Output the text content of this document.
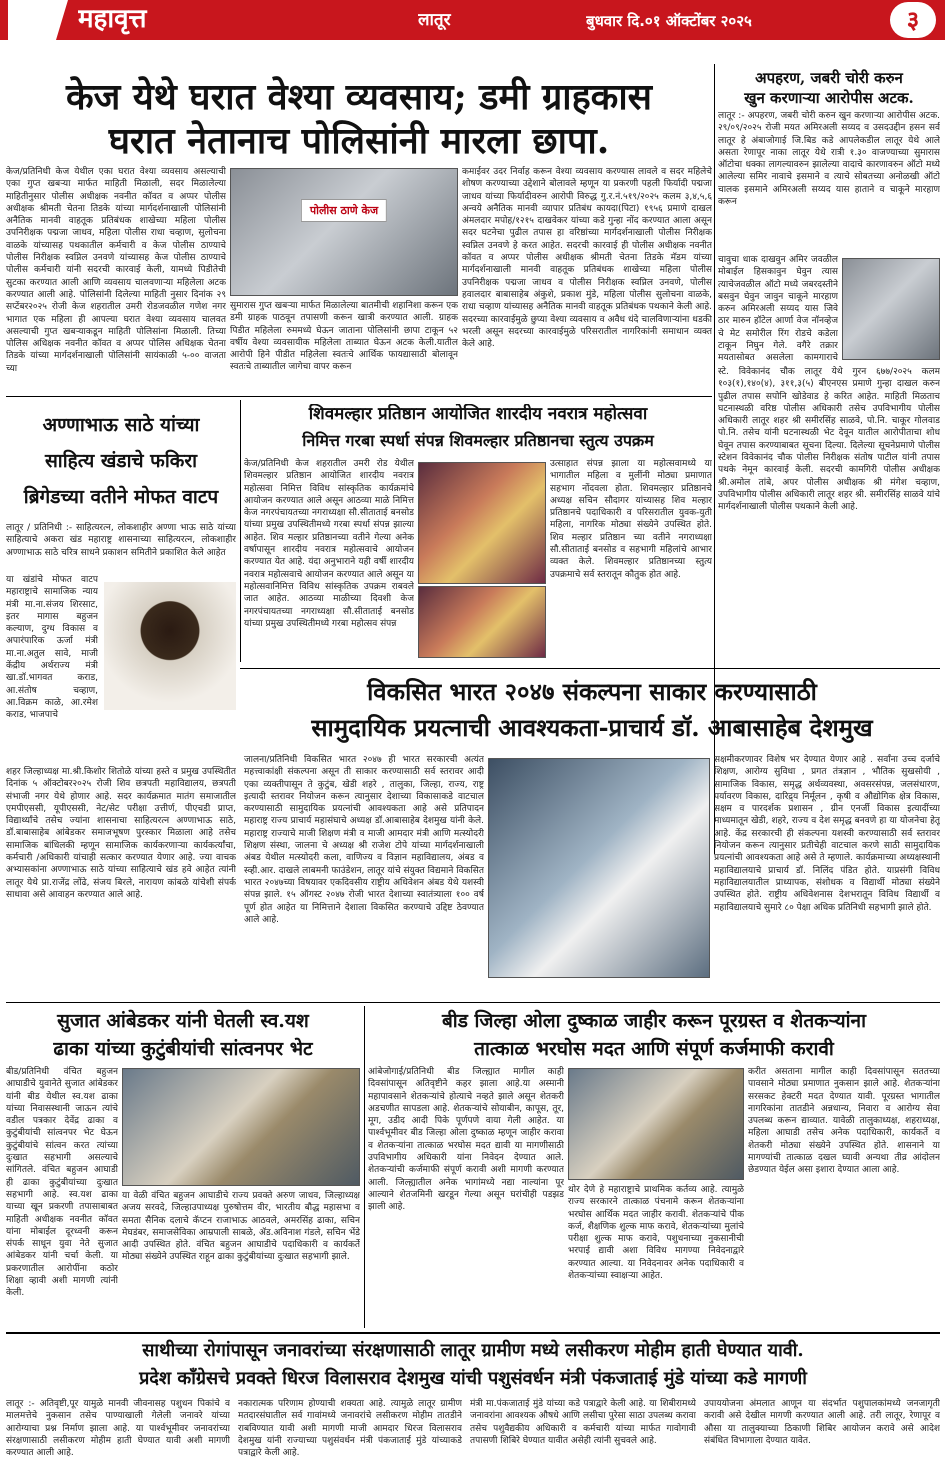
महावृत्त	लातूर	बुधवार दि.०१ ऑक्टोंबर २०२५	३
केज येथे घरात वेश्या व्यवसाय; डमी ग्राहकास
घरात नेतानाच पोलिसांनी मारला छापा.

केज/प्रतिनिधी केज येथील एका घरात वेश्या व्यवसाय असल्याची एका गुप्त खबऱ्या मार्फत माहिती मिळाली, सदर मिळालेल्या माहितीनुसार पोलीस अधीक्षक नवनीत कॉवत व अप्पर पोलीस अधीक्षक श्रीमती चेतना तिडके यांच्या मार्गदर्शनाखाली पोलिसांनी अनैतिक मानवी वाहतूक प्रतिबंधक शाखेच्या महिला पोलीस उपनिरीक्षक पद्मजा जाधव, महिला पोलीस राधा चव्हाण, सुलोचना वाळके यांच्यासह पथकातील कर्मचारी व केज पोलीस ठाण्याचे पोलीस निरीक्षक स्वप्निल उनवणे यांच्यासह केज पोलीस ठाण्याचे पोलीस कर्मचारी यांनी सदरची कारवाई केली, यामध्ये पिडीतेची सुटका करण्यात आली आणि व्यवसाय चालवणाऱ्या महिलेला अटक करण्यात आली आहे. पोलिसांनी दिलेल्या माहिती नुसार दिनांक २९ सप्टेंबर२०२५ रोजी केज शहरातील उमरी रोडजवळील गणेश नगर भागात एक महिला ही आपल्या घरात वेश्या व्यवसाय चालवत असल्याची गुप्त खबऱ्याकडून माहिती पोलिसांना मिळाली. तिच्या पोलिस अधिक्षक नवनीत कॉवत व अप्पर पोलिस अधिक्षक चेतना तिडके यांच्या मार्गदर्शनाखाली पोलिसांनी सायंकाळी ५-०० वाजता च्या

पोलीस ठाणे केज

सुमारास गुप्त खबऱ्या मार्फत मिळालेल्या बातमीची शहानिशा करून एक डमी ग्राहक पाठवून तपासणी करून खात्री करण्यात आली. ग्राहक पिडीत महिलेला रुममध्ये घेऊन जाताना पोलिसांनी छापा टाकून ५२ वर्षीय वेश्या व्यवसायीक महिलेला ताब्यात घेऊन अटक केली.यातील आरोपी हिने पीडीत महिलेला स्वतःचे आर्थिक फायद्यासाठी बोलावून स्वतःचे ताब्यातील जागेचा वापर करून

कमाईवर उदर निर्वाह करून वेश्या व्यवसाय करण्यास लावले व सदर महिलेचे शोषण करण्याच्या उद्देशाने बोलावले म्हणून या प्रकरणी पहली फिर्यादी पद्मजा जाधव यांच्या फिर्यादीवरुन आरोपी विरुद्ध गु.र.नं.५१९/२०२५ कलम ३,४,५,६ अन्वये अनैतिक मानवी व्यापार प्रतिबंध कायदा(पिटा) १९५६ प्रमाणे दाखल अंमलदार मपोह/१२१५ दाखवेकर यांच्या कडे गुन्हा नोंद करण्यात आला असून सदर घटनेचा पुढील तपास हा वरिष्ठांच्या मार्गदर्शनाखाली पोलीस निरीक्षक स्वप्निल उनवणे हे करत आहेत. सदरची कारवाई ही पोलीस अधीक्षक नवनीत कॉवत व अप्पर पोलीस अधीक्षक श्रीमती चेतना तिडके मॅडम यांच्या मार्गदर्शनाखाली मानवी वाहतूक प्रतिबंधक शाखेच्या महिला पोलीस उपनिरीक्षक पद्मजा जाधव व पोलीस निरीक्षक स्वप्निल उनवणे, पोलीस हवालदार बाबासाहेब अंकुशे, प्रकाश मुंडे, महिला पोलीस सुलोचना वाळके, राधा चव्हाण यांच्यासह अनैतिक मानवी वाहतूक प्रतिबंधक पथकाने केली आहे. सदरच्या कारवाईमुळे छुप्या वेश्या व्यवसाय व अवैध धंदे चालविणाऱ्यांना धडकी भरली असून सदरच्या कारवाईमुळे परिसरातील नागरिकांनी समाधान व्यक्त केले आहे.

अपहरण, जबरी चोरी करुन
खुन करणाऱ्या आरोपीस अटक.

लातूर :- अपहरण, जबरी चोरी करुन खुन करणाऱ्या आरोपीस अटक. २९/०९/२०२५ रोजी मयत अमिरअली सय्यद व उसदउद्दीन हसन सर्व लातूर हे अंबाजोगाई जि.बिड कडे आपलेकडील लातूर येथे आले असता रेणापूर नाका लातूर येथे रात्री १.३० वाजण्याच्या सुमारास ऑटोचा धक्का लागल्यावरुन झालेल्या वादाचे कारणावरुन ऑटो मध्ये आलेल्या समिर नावाचे इसमाने व त्याचे सोबतच्या अनोळखी ऑटो चालक इसमाने अमिरअली सय्यद यास हाताने व चाकूने मारहाण करून

चावुचा धाक दाखवुन अमिर जवळील मोबाईल हिसकावुन घेवुन त्यास त्याचेजवळील ऑटो मध्ये जबरदस्तीने बसवुन घेवुन जावुन चाकूने मारहाण करुन अमिरअली सय्यद यास जिवे ठार मारुन हॉटेल आर्णा वेज नॉनव्हेज चे मेट समोरील रिंग रोडचे कडेला टाकून निघुन गेले. वगैरे तक्रार मयतासोबत असलेला कामगाराचे

स्टे. विवेकानंद चौक लातूर येथे गुरन ६७७/२०२५ कलम १०३(१),१४०(४), ३११,३(५) बीएनएस प्रमाणे गुन्हा दाखल करुन पुढील तपास सपोनि खोडेवाड हे करित आहेत. माहिती मिळताच घटनास्थळी वरिष्ठ पोलीस अधिकारी तसेच उपविभागीय पोलीस अधिकारी लातूर शहर श्री समीरसिंह साळवे, पो.नि. चाकूर गोलवाड पो.नि. तसेच यांनी घटनास्थळी भेट देवून यातील आरोपीताचा शोध घेवून तपास करण्याबाबत सूचना दिल्या. दिलेल्या सूचनेप्रमाणे पोलीस स्टेशन विवेकानंद चौक पोलीस निरीक्षक संतोष पाटील यांनी तपास पथके नेमून कारवाई केली. सदरची कामगिरी पोलीस अधीक्षक श्री.अमोल तांबे, अपर पोलीस अधीक्षक श्री मंगेश चव्हाण, उपविभागीय पोलीस अधिकारी लातूर शहर श्री. समीरसिंह साळवे यांचे मार्गदर्शनाखाली पोलीस पथकाने केली आहे.

अण्णाभाऊ साठे यांच्या
साहित्य खंडाचे फकिरा
ब्रिगेडच्या वतीने मोफत वाटप

लातूर / प्रतिनिधी :- साहित्यरत्न, लोकशाहीर अण्णा भाऊ साठे यांच्या साहित्याचे अकरा खंड महाराष्ट्र शासनाच्या साहित्यरत्न, लोकशाहीर अण्णाभाऊ साठे चरित्र साधने प्रकाशन समितीने प्रकाशित केले आहेत

या खंडांचे मोफत वाटप महाराष्ट्राचे सामाजिक न्याय मंत्री मा.ना.संजय शिरसाट, इतर मागास बहुजन कल्याण, दुग्ध विकास व अपारंपारिक ऊर्जा मंत्री मा.ना.अतुल सावे, माजी केंद्रीय अर्थराज्य मंत्री खा.डॉ.भागवत कराड, आ.संतोष चव्हाण, आ.विक्रम काळे, आ.रमेश कराड, भाजपाचे

शहर जिल्हाध्यक्ष मा.श्री.किशोर शितोळे यांच्या हस्ते व प्रमुख उपस्थितीत दिनांक ५ ऑक्टोबर२०२५ रोजी शिव छत्रपती महाविद्यालय, छत्रपती संभाजी नगर येथे होणार आहे. सदर कार्यक्रमात मातंग समाजातील एमपीएससी, यूपीएससी, नेट/सेट परीक्षा उत्तीर्ण, पीएचडी प्राप्त, विद्यार्थ्यांचे तसेच ज्यांना शासनाचा साहित्यरत्न अण्णाभाऊ साठे, डॉ.बाबासाहेब आंबेडकर समाजभूषण पुरस्कार मिळाला आहे तसेच सामाजिक बांधिलकी म्हणून सामाजिक कार्यकरणाऱ्या कार्यकर्त्यांचा, कर्मचारी /अधिकारी यांचाही सत्कार करण्यात येणार आहे. ज्या वाचक अभ्यासकांना अण्णाभाऊ साठे यांच्या साहित्याचे खंड हवे आहेत त्यांनी लातूर येथे प्रा.राजेंद्र लोंढे, संजय बिरले, नारायण कांबळे यांचेशी संपर्क साधावा असे आवाहन करण्यात आले आहे.

शिवमल्हार प्रतिष्ठान आयोजित शारदीय नवरात्र महोत्सवा
निमित्त गरबा स्पर्धा संपन्न शिवमल्हार प्रतिष्ठानचा स्तुत्य उपक्रम

केज/प्रतिनिधी केज शहरातील उमरी रोड येथील शिवमल्हार प्रतिष्ठान आयोजित शारदीय नवरात्र महोत्सवा निमित्त विविध सांस्कृतिक कार्यक्रमांचे आयोजन करण्यात आले असून आठव्या माळे निमित्त केज नगरपंचायतच्या नगराध्यक्षा सौ.सीताताई बनसोड यांच्या प्रमुख उपस्थितीमध्ये गरबा स्पर्धा संपन्न झाल्या आहेत. शिव मल्हार प्रतिष्ठानच्या वतीने गेल्या अनेक वर्षापासून शारदीय नवरात्र महोत्सवाचे आयोजन करण्यात येत आहे. यंदा अनुभाराने यही वर्षी शारदीय नवरात्र महोत्सवाचे आयोजन करण्यात आले असून या महोत्सवानिमित्त विविध सांस्कृतिक उपक्रम राबवले जात आहेत. आठव्या माळीच्या दिवशी केज नगरपंचायतच्या नगराध्यक्षा सौ.सीताताई बनसोड यांच्या प्रमुख उपस्थितीमध्ये गरबा महोत्सव संपन्न

उत्साहात संपन्न झाला या महोत्सवामध्ये या भागातील महिला व मुलींनी मोठ्या प्रमाणात सहभाग नोंदवला होता. शिवमल्हार प्रतिष्ठानचे अध्यक्ष सचिन सौदागर यांच्यासह शिव मल्हार प्रतिष्ठानचे पदाधिकारी व परिसरातील युवक-युती महिला, नागरिक मोठ्या संख्येने उपस्थित होते. शिव मल्हार प्रतिष्ठान च्या वतीने नगराध्यक्षा सौ.सीताताई बनसोड व सहभागी महिलांचे आभार व्यक्त केले. शिवमल्हार प्रतिष्ठानच्या स्तुत्य उपक्रमाचे सर्व स्तरातून कौतुक होत आहे.

विकसित भारत २०४७ संकल्पना साकार करण्यासाठी
सामुदायिक प्रयत्नाची आवश्यकता-प्राचार्य डॉ. आबासाहेब देशमुख

जालना/प्रतिनिधी विकसित भारत २०४७ ही भारत सरकारची अत्यंत महत्त्वाकांक्षी संकल्पना असून ती साकार करण्यासाठी सर्व स्तरावर आदी एका व्यक्तीपासून ते कुटुंब, खेडी शहरे , तालुका, जिल्हा, राज्य, राष्ट्र इत्यादी स्तरावर नियोजन करून त्यानुसार देशाच्या विकासाकडे वाटचाल करण्यासाठी सामुदायिक प्रयत्नांची आवश्यकता आहे असे प्रतिपादन महाराष्ट्र राज्य प्राचार्य महासंघाचे अध्यक्ष डॉ.आबासाहेब देशमुख यांनी केले. महाराष्ट्र राज्याचे माजी शिक्षण मंत्री व माजी आमदार मंत्री आणि मत्स्योदरी शिक्षण संस्था, जालना चे अध्यक्ष श्री राजेश टोपे यांच्या मार्गदर्शनाखाली अंबड येथील मत्स्योदरी कला, वाणिज्य व विज्ञान महाविद्यालय, अंबड व स्व्ही.आर. दाखले लाबमनी फाउंडेशन, लातूर यांचे संयुक्त विद्यमाने विकसित भारत २०४७च्या विषयावर एकदिवसीय राष्ट्रीय अधिवेशन अंबड येथे यशस्वी संपन्न झाले. १५ ऑगस्ट २०४७ रोजी भारत देशाच्या स्वातंत्र्याला १०० वर्ष पूर्ण होत आहेत या निमित्ताने देशाला विकसित करण्याचे उद्दिष्ट ठेवण्यात आले आहे.

सक्षमीकरणावर विशेष भर देण्यात येणार आहे . सर्वांना उच्च दर्जाचे शिक्षण, आरोग्य सुविधा , प्रगत तंत्रज्ञान , भौतिक सुखसोयी , सामाजिक विकास, समृद्ध अर्थव्यवस्था, अवसरसंपन्न, जलसंधारण, पर्यावरण विकास, दारिद्र्य निर्मूलन , कृषी व औद्योगिक क्षेत्र विकास, सक्षम व पारदर्शक प्रशासन , ग्रीन एनर्जी विकास इत्यादींच्या माध्यमातून खेडी, शहरे, राज्य व देश समृद्ध बनवणे हा या योजनेचा हेतू आहे. केंद्र सरकारची ही संकल्पना यशस्वी करण्यासाठी सर्व स्तरावर नियोजन करून त्यानुसार प्रतीचेही वाटचाल करणे साठी सामुदायिक प्रयत्नांची आवश्यकता आहे असे ते म्हणाले. कार्यक्रमाच्या अध्यक्षस्थानी महाविद्यालयाचे प्राचार्य डॉ. निलिंद पंडित होते. याप्रसंगी विविध महाविद्यालयातील प्राध्यापक, संशोधक व विद्यार्थी मोठ्या संख्येने उपस्थित होते. राष्ट्रीय अधिवेशनास देशभरातून विविध विद्यार्थी व महाविद्यालयाचे सुमारे ८० पेक्षा अधिक प्रतिनिधी सहभागी झाले होते.

सुजात आंबेडकर यांनी घेतली स्व.यश
ढाका यांच्या कुटुंबीयांची सांत्वनपर भेट

बीड/प्रतिनिधी वंचित बहुजन आघाडीचे युवानेते सुजात आंबेडकर यांनी बीड येथील स्व.यश ढाका यांच्या निवासस्थानी जाऊन त्यांचे वडील पत्रकार देवेंद्र ढाका व कुटुंबीयांची सांत्वनपर भेट घेऊन कुटुंबीयांचे सांत्वन करत त्यांच्या दुःखात सहभागी असल्याचे सांगितले. वंचित बहुजन आघाडी ही ढाका कुटुंबीयांच्या दुःखात सहभागी आहे. स्व.यश ढाका याच्या खून प्रकरणी तपासाबाबत माहिती अधीक्षक नवनीत कॉवत यांना मोबाईल दूरध्वनी करून संपर्क साधून युवा नेते सुजात आंबेडकर यांनी चर्चा केली. या प्रकरणातील आरोपींना कठोर शिक्षा व्हावी अशी मागणी त्यांनी केली.

या वेळी वंचित बहुजन आघाडीचे राज्य प्रवक्ते अरुण जाधव, जिल्हाध्यक्ष अजय सरवदे, जिल्हाउपाध्यक्ष पुरुषोत्तम वीर, भारतीय बौद्ध महासभा व समता सैनिक दलाचे कॅप्टन राजाभाऊ आठवले, अमरसिंह ढाका, सचिन मेघडंबर, समाजसेविका आम्रपाली साबळे, ॲड.अविनाश गंडले, सचिन भेंडे आदी उपस्थित होते. वंचित बहुजन आघाडीचे पदाधिकारी व कार्यकर्ते मोठ्या संख्येने उपस्थित राहून ढाका कुटुंबीयांच्या दुःखात सहभागी झाले.

बीड जिल्हा ओला दुष्काळ जाहीर करून पूरग्रस्त व शेतकऱ्यांना
तात्काळ भरघोस मदत आणि संपूर्ण कर्जमाफी करावी

आंबेजोगाई/प्रतिनिधी बीड जिल्ह्यात मागील काही दिवसांपासून अतिवृष्टीने कहर झाला आहे.या अस्मानी महापावसाने शेतकऱ्यांचे होत्याचे नव्हते झाले असून शेतकरी अडचणीत सापडला आहे. शेतकऱ्यांचे सोयाबीन, कापूस, तूर, मूग, उडीद आदी पिके पूर्णपणे वाया गेली आहेत. या पार्श्वभूमीवर बीड जिल्हा ओला दुष्काळ म्हणून जाहीर करावा व शेतकऱ्यांना तात्काळ भरघोस मदत द्यावी या मागणीसाठी उपविभागीय अधिकारी यांना निवेदन देण्यात आले. शेतकऱ्यांची कर्जमाफी संपूर्ण करावी अशी मागणी करण्यात आली. जिल्ह्यातील अनेक भागांमध्ये नद्या नाल्यांना पूर आल्याने शेतजमिनी खरडून गेल्या असून घरांचीही पडझड झाली आहे.

थोर देणे हे महाराष्ट्राचे प्राथमिक कर्तव्य आहे. त्यामुळे राज्य सरकारने तात्काळ पंचनामे करून शेतकऱ्यांना भरघोस आर्थिक मदत जाहीर करावी. शेतकऱ्यांचे पीक कर्ज, शैक्षणिक शुल्क माफ करावे, शेतकऱ्यांच्या मुलांचे परीक्षा शुल्क माफ करावे, पशुधनाच्या नुकसानीची भरपाई द्यावी अशा विविध मागण्या निवेदनाद्वारे करण्यात आल्या. या निवेदनावर अनेक पदाधिकारी व शेतकऱ्यांच्या स्वाक्षऱ्या आहेत.

करीत असताना मागील काही दिवसांपासून सततच्या पावसाने मोठ्या प्रमाणात नुकसान झाले आहे. शेतकऱ्यांना सरसकट हेक्टरी मदत देण्यात यावी. पूरग्रस्त भागातील नागरिकांना तातडीने अन्नधान्य, निवारा व आरोग्य सेवा उपलब्ध करून द्याव्यात. यावेळी तालुकाध्यक्ष, शहराध्यक्ष, महिला आघाडी तसेच अनेक पदाधिकारी, कार्यकर्ते व शेतकरी मोठ्या संख्येने उपस्थित होते. शासनाने या मागण्यांची तात्काळ दखल घ्यावी अन्यथा तीव्र आंदोलन छेडण्यात येईल असा इशारा देण्यात आला आहे.

साथीच्या रोगांपासून जनावरांच्या संरक्षणासाठी लातूर ग्रामीण मध्ये लसीकरण मोहीम हाती घेण्यात यावी.
प्रदेश काँग्रेसचे प्रवक्ते धिरज विलासराव देशमुख यांची पशुसंवर्धन मंत्री पंकजाताई मुंडे यांच्या कडे मागणी

लातूर :- अतिवृष्टी,पूर यामुळे मानवी जीवनासह पशुधन पिकांचे व मालमत्तेचे नुकसान तसेच पाण्याखाली गेलेली जनावरे यांच्या आरोग्याचा प्रश्न निर्माण झाला आहे. या पार्श्वभूमीवर जनावरांच्या संरक्षणासाठी लसीकरण मोहीम हाती घेण्यात यावी अशी मागणी करण्यात आली आहे.

नकारात्मक परिणाम होण्याची शक्यता आहे. त्यामुळे लातूर ग्रामीण मतदारसंघातील सर्व गावांमध्ये जनावरांचे लसीकरण मोहीम तातडीने राबविण्यात यावी अशी मागणी माजी आमदार धिरज विलासराव देशमुख यांनी राज्याच्या पशुसंवर्धन मंत्री पंकजाताई मुंडे यांच्याकडे पत्राद्वारे केली आहे.

मंत्री मा.पंकजाताई मुंडे यांच्या कडे पत्राद्वारे केली आहे. या शिबीरामध्ये जनावरांना आवश्यक औषधे आणि लसीचा पुरेसा साठा उपलब्ध करावा तसेच पशुवैद्यकीय अधिकारी व कर्मचारी यांच्या मार्फत गावोगावी तपासणी शिबिरे घेण्यात यावीत असेही त्यांनी सुचवले आहे.

उपाययोजना अंमलात आणून या संदर्भात पशुपालकांमध्ये जनजागृती करावी असे देखील मागणी करण्यात आली आहे. तरी लातूर, रेणापूर व औसा या तालुक्याच्या ठिकाणी शिबिर आयोजन करावे असे आदेश संबंधित विभागाला देण्यात यावेत.
